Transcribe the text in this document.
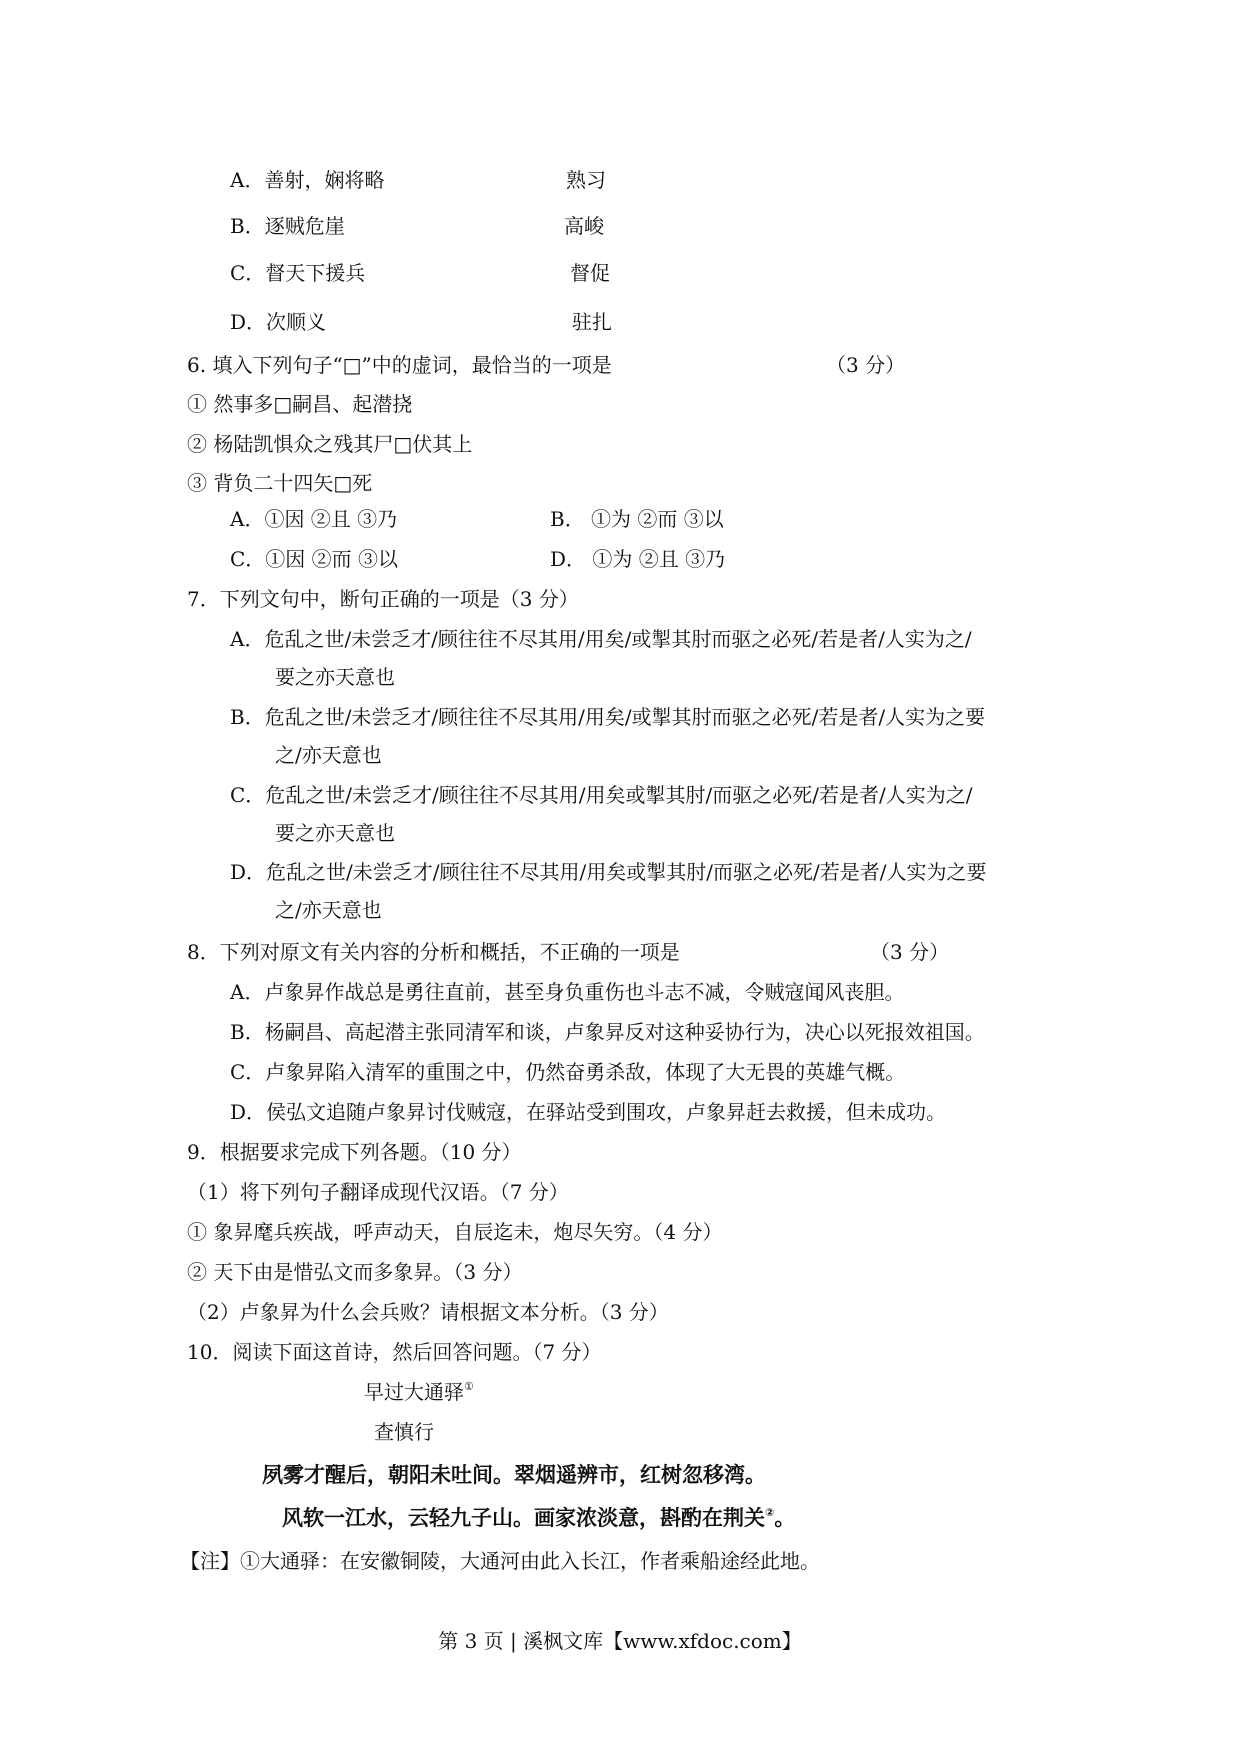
A．善射，娴将略	熟习
B．逐贼危崖	高峻
C．督天下援兵	督促
D．次顺义	驻扎
6. 填入下列句子“□”中的虚词，最恰当的一项是	（3 分）
① 然事多□嗣昌、起潜挠
② 杨陆凯惧众之残其尸□伏其上
③ 背负二十四矢□死
A．①因 ②且 ③乃	B． ①为 ②而 ③以
C．①因 ②而 ③以	D． ①为 ②且 ③乃
7．下列文句中，断句正确的一项是（3 分）
A．危乱之世/未尝乏才/顾往往不尽其用/用矣/或掣其肘而驱之必死/若是者/人实为之/
要之亦天意也
B．危乱之世/未尝乏才/顾往往不尽其用/用矣/或掣其肘而驱之必死/若是者/人实为之要
之/亦天意也
C．危乱之世/未尝乏才/顾往往不尽其用/用矣或掣其肘/而驱之必死/若是者/人实为之/
要之亦天意也
D．危乱之世/未尝乏才/顾往往不尽其用/用矣或掣其肘/而驱之必死/若是者/人实为之要
之/亦天意也
8．下列对原文有关内容的分析和概括，不正确的一项是	（3 分）
A．卢象昇作战总是勇往直前，甚至身负重伤也斗志不减，令贼寇闻风丧胆。
B．杨嗣昌、高起潜主张同清军和谈，卢象昇反对这种妥协行为，决心以死报效祖国。
C．卢象昇陷入清军的重围之中，仍然奋勇杀敌，体现了大无畏的英雄气概。
D．侯弘文追随卢象昇讨伐贼寇，在驿站受到围攻，卢象昇赶去救援，但未成功。
9．根据要求完成下列各题。（10 分）
（1）将下列句子翻译成现代汉语。（7 分）
① 象昇麾兵疾战，呼声动天，自辰迄未，炮尽矢穷。（4 分）
② 天下由是惜弘文而多象昇。（3 分）
（2）卢象昇为什么会兵败？请根据文本分析。（3 分）
10．阅读下面这首诗，然后回答问题。（7 分）
早过大通驿①
查慎行
夙雾才醒后，朝阳未吐间。翠烟遥辨市，红树忽移湾。
风软一江水，云轻九子山。画家浓淡意，斟酌在荆关②。
【注】①大通驿：在安徽铜陵，大通河由此入长江，作者乘船途经此地。
第 3 页 | 溪枫文库【www.xfdoc.com】
